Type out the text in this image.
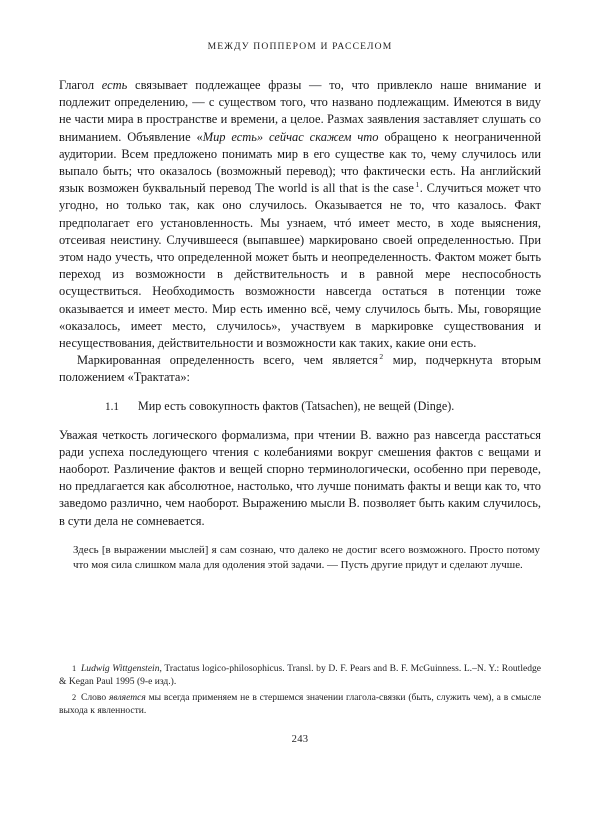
МЕЖДУ ПОППЕРОМ И РАССЕЛОМ

Глагол есть связывает подлежащее фразы — то, что привлекло наше внимание и подлежит определению, — с существом того, что названо подлежащим. Имеются в виду не части мира в пространстве и времени, а целое. Размах заявления заставляет слушать со вниманием. Объявление «Мир есть» сейчас скажем что обращено к неограниченной аудитории. Всем предложено понимать мир в его существе как то, чему случилось или выпало быть; что оказалось (возможный перевод); что фактически есть. На английский язык возможен буквальный перевод The world is all that is the case $^1$. Случиться может что угодно, но только так, как оно случилось. Оказывается не то, что казалось. Факт предполагает его установленность. Мы узнаем, чтó имеет место, в ходе выяснения, отсеивая неистину. Случившееся (выпавшее) маркировано своей определенностью. При этом надо учесть, что определенной может быть и неопределенность. Фактом может быть переход из возможности в действительность и в равной мере неспособность осуществиться. Необходимость возможности навсегда остаться в потенции тоже оказывается и имеет место. Мир есть именно всё, чему случилось быть. Мы, говорящие «оказалось, имеет место, случилось», участвуем в маркировке существования и несуществования, действительности и возможности как таких, какие они есть.

Маркированная определенность всего, чем является $^2$ мир, подчеркнута вторым положением «Трактата»:

1.1 Мир есть совокупность фактов (Tatsachen), не вещей (Dinge).

Уважая четкость логического формализма, при чтении В. важно раз навсегда расстаться ради успеха последующего чтения с колебаниями вокруг смешения фактов с вещами и наоборот. Различение фактов и вещей спорно терминологически, особенно при переводе, но предлагается как абсолютное, настолько, что лучше понимать факты и вещи как то, что заведомо различно, чем наоборот. Выражению мысли В. позволяет быть каким случилось, в сути дела не сомневается.

Здесь [в выражении мыслей] я сам сознаю, что далеко не достиг всего возможного. Просто потому что моя сила слишком мала для одоления этой задачи. — Пусть другие придут и сделают лучше.

1 Ludwig Wittgenstein, Tractatus logico-philosophicus. Transl. by D. F. Pears and B. F. McGuinness. L.–N. Y.: Routledge & Kegan Paul 1995 (9-е изд.).

2 Слово является мы всегда применяем не в стершемся значении глагола-связки (быть, служить чем), а в смысле выхода к явленности.

243
